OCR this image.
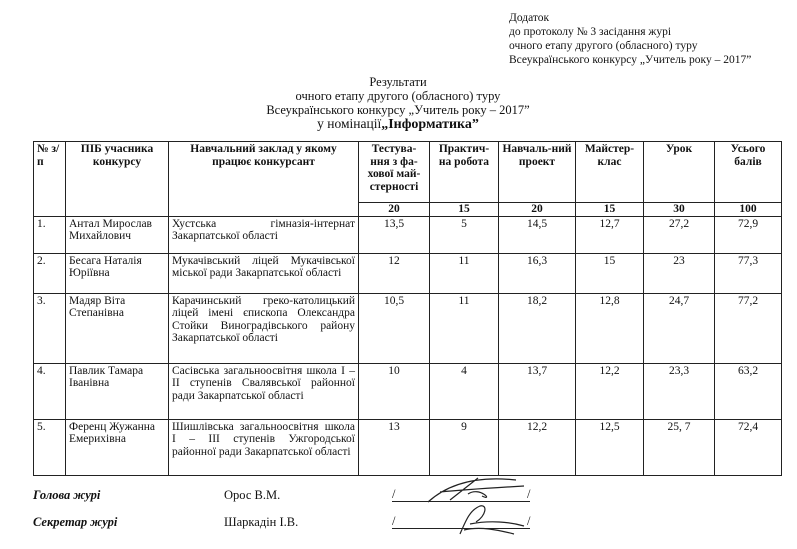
Додаток
до протоколу № 3 засідання журі
очного етапу другого (обласного) туру
Всеукраїнського конкурсу „Учитель року – 2017”
Результати
очного етапу другого (обласного) туру
Всеукраїнського конкурсу „Учитель року – 2017”
у номінації„Інформатика”
№ з/п	ПІБ учасника конкурсу	Навчальний заклад у якому працює конкурсант	Тестува-ння з фа-хової май-стерності	Практич-на робота	Навчаль-ний проект	Майстер-клас	Урок	Усього балів
			20	15	20	15	30	100
1.	Антал Мирослав Михайлович	Хустська гімназія-інтернат Закарпатської області	13,5	5	14,5	12,7	27,2	72,9
2.	Бесага Наталія Юріївна	Мукачівський ліцей Мукачівської міської ради Закарпатської області	12	11	16,3	15	23	77,3
3.	Мадяр Віта Степанівна	Карачинський греко-католицький ліцей імені єпископа Олександра Стойки Виноградівського району Закарпатської області	10,5	11	18,2	12,8	24,7	77,2
4.	Павлик Тамара Іванівна	Сасівська загальноосвітня школа І – ІІ ступенів Свалявської районної ради Закарпатської області	10	4	13,7	12,2	23,3	63,2
5.	Ференц Жужанна Емерихівна	Шишлівська загальноосвітня школа І – ІІІ ступенів Ужгородської районної ради Закарпатської області	13	9	12,2	12,5	25, 7	72,4
Голова журі	Орос В.М.	/	/
Секретар журі	Шаркадін І.В.	/	/
